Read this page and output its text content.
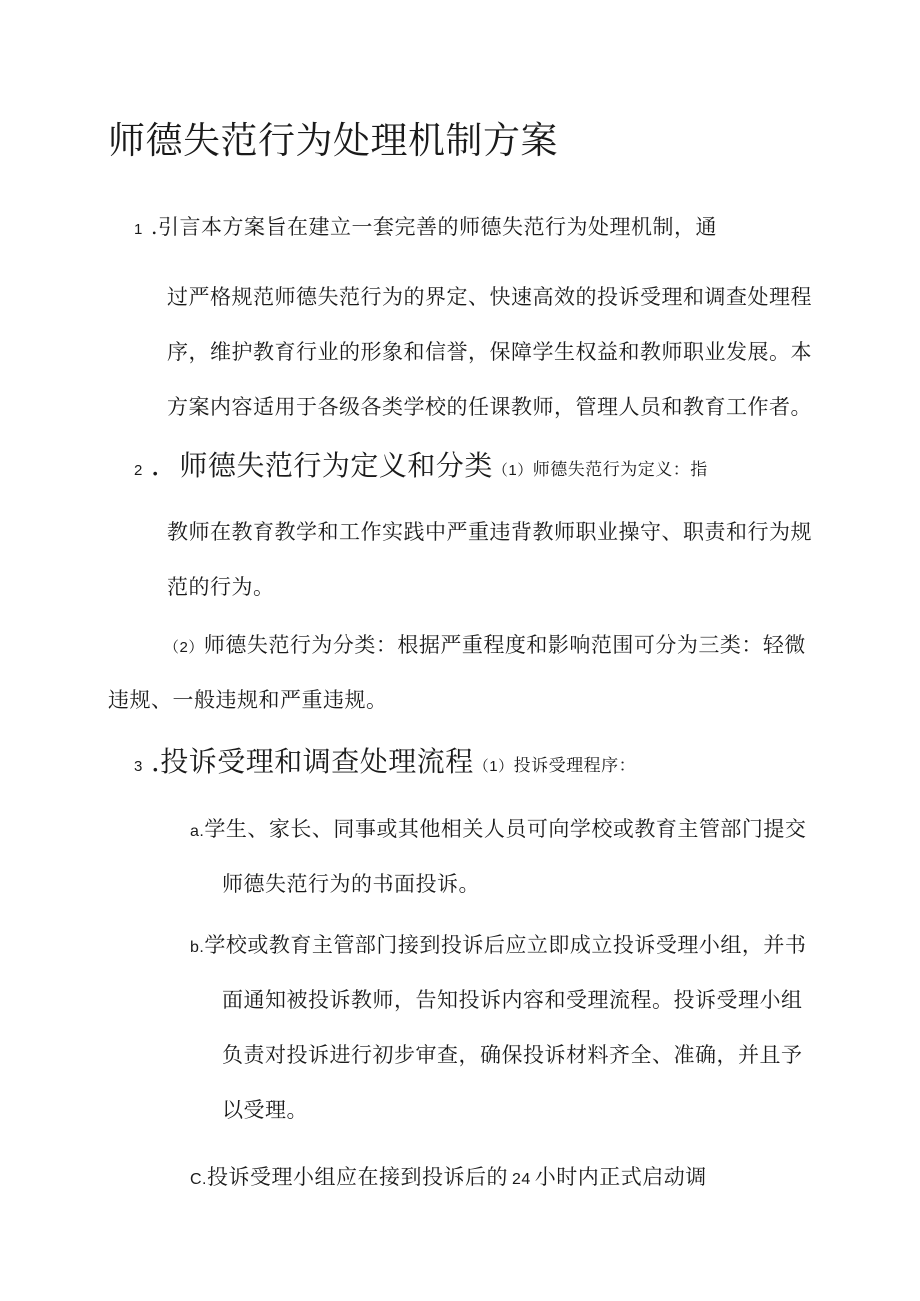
师德失范行为处理机制方案
1 .引言本方案旨在建立一套完善的师德失范行为处理机制，通
过严格规范师德失范行为的界定、快速高效的投诉受理和调查处理程
序，维护教育行业的形象和信誉，保障学生权益和教师职业发展。本
方案内容适用于各级各类学校的任课教师，管理人员和教育工作者。
2 ．师德失范行为定义和分类（1）师德失范行为定义：指
教师在教育教学和工作实践中严重违背教师职业操守、职责和行为规
范的行为。
（2）师德失范行为分类：根据严重程度和影响范围可分为三类：轻微
违规、一般违规和严重违规。
3 .投诉受理和调查处理流程（1）投诉受理程序：
a.学生、家长、同事或其他相关人员可向学校或教育主管部门提交
师德失范行为的书面投诉。
b.学校或教育主管部门接到投诉后应立即成立投诉受理小组，并书
面通知被投诉教师，告知投诉内容和受理流程。投诉受理小组
负责对投诉进行初步审查，确保投诉材料齐全、准确，并且予
以受理。
C.投诉受理小组应在接到投诉后的 24 小时内正式启动调
